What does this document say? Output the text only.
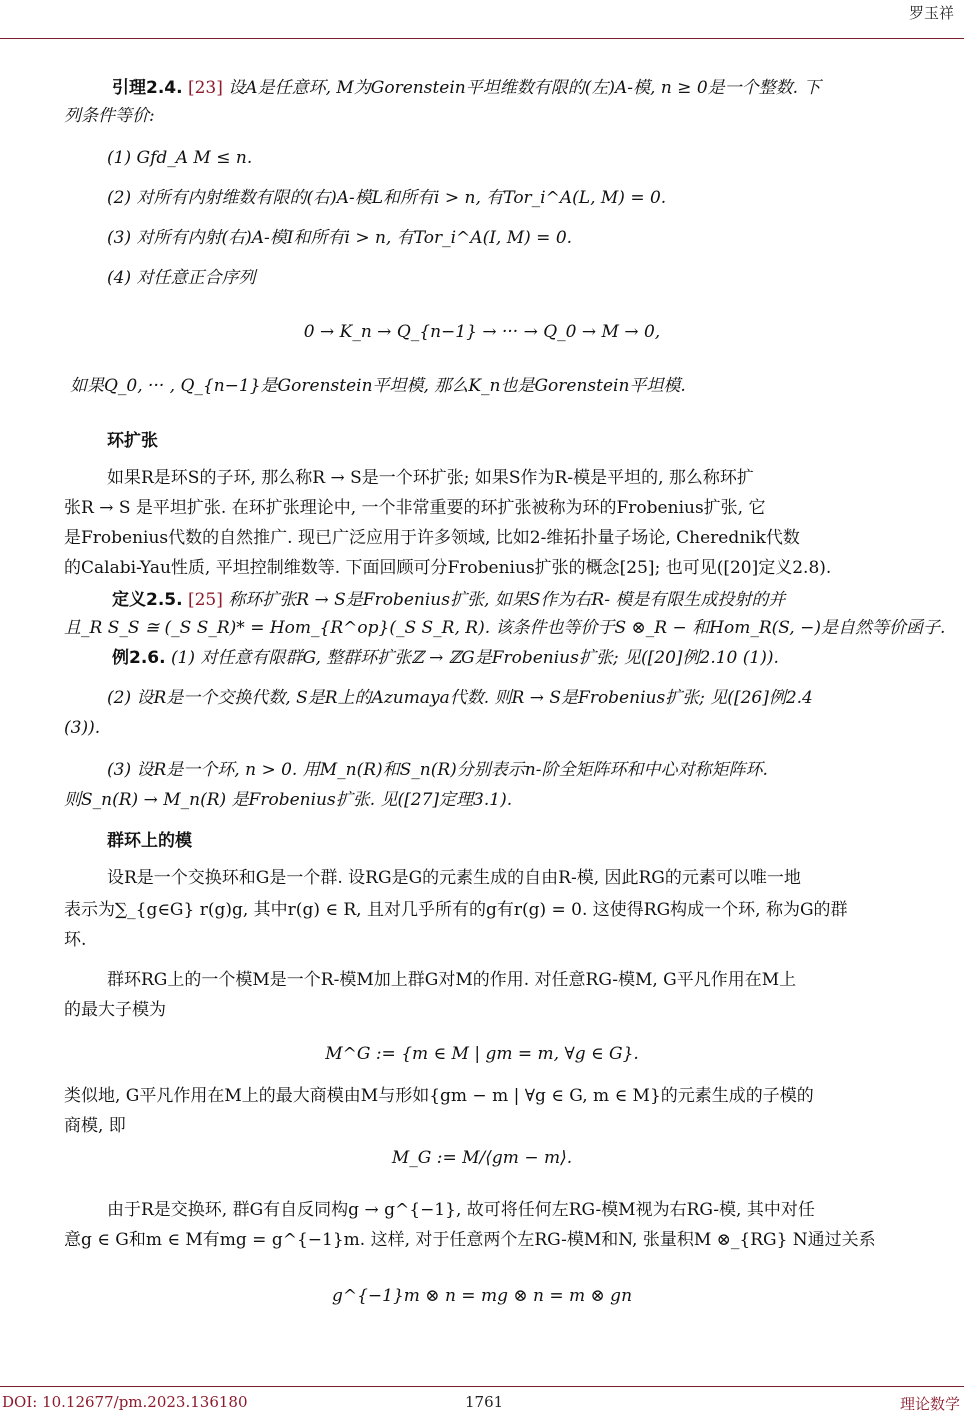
罗玉祥
引理2.4. [23] 设A是任意环, M为Gorenstein平坦维数有限的(左)A-模, n ≥ 0是一个整数. 下
列条件等价:
(1) Gfd_A M ≤ n.
(2) 对所有内射维数有限的(右)A-模L和所有i > n, 有Tor_i^A(L, M) = 0.
(3) 对所有内射(右)A-模I和所有i > n, 有Tor_i^A(I, M) = 0.
(4) 对任意正合序列
0 → K_n → Q_{n−1} → ··· → Q_0 → M → 0,
如果Q_0, ··· , Q_{n−1}是Gorenstein平坦模, 那么K_n也是Gorenstein平坦模.
环扩张
如果R是环S的子环, 那么称R → S是一个环扩张; 如果S作为R-模是平坦的, 那么称环扩
张R → S 是平坦扩张. 在环扩张理论中, 一个非常重要的环扩张被称为环的Frobenius扩张, 它
是Frobenius代数的自然推广. 现已广泛应用于许多领域, 比如2-维拓扑量子场论, Cherednik代数
的Calabi-Yau性质, 平坦控制维数等. 下面回顾可分Frobenius扩张的概念[25]; 也可见([20]定义2.8).
定义2.5. [25] 称环扩张R → S是Frobenius扩张, 如果S作为右R- 模是有限生成投射的并
且_R S_S ≅ (_S S_R)* = Hom_{R^op}(_S S_R, R). 该条件也等价于S ⊗_R − 和Hom_R(S, −)是自然等价函子.
例2.6. (1) 对任意有限群G, 整群环扩张ℤ → ℤG是Frobenius扩张; 见([20]例2.10 (1)).
(2) 设R是一个交换代数, S是R上的Azumaya代数. 则R → S是Frobenius扩张; 见([26]例2.4
(3)).
(3) 设R是一个环, n > 0. 用M_n(R)和S_n(R)分别表示n-阶全矩阵环和中心对称矩阵环.
则S_n(R) → M_n(R) 是Frobenius扩张. 见([27]定理3.1).
群环上的模
设R是一个交换环和G是一个群. 设RG是G的元素生成的自由R-模, 因此RG的元素可以唯一地
表示为∑_{g∈G} r(g)g, 其中r(g) ∈ R, 且对几乎所有的g有r(g) = 0. 这使得RG构成一个环, 称为G的群
环.
群环RG上的一个模M是一个R-模M加上群G对M的作用. 对任意RG-模M, G平凡作用在M上
的最大子模为
M^G := {m ∈ M | gm = m, ∀g ∈ G}.
类似地, G平凡作用在M上的最大商模由M与形如{gm − m | ∀g ∈ G, m ∈ M}的元素生成的子模的
商模, 即
M_G := M/⟨gm − m⟩.
由于R是交换环, 群G有自反同构g → g^{−1}, 故可将任何左RG-模M视为右RG-模, 其中对任
意g ∈ G和m ∈ M有mg = g^{−1}m. 这样, 对于任意两个左RG-模M和N, 张量积M ⊗_{RG} N通过关系
g^{−1}m ⊗ n = mg ⊗ n = m ⊗ gn
DOI: 10.12677/pm.2023.136180	1761	理论数学
